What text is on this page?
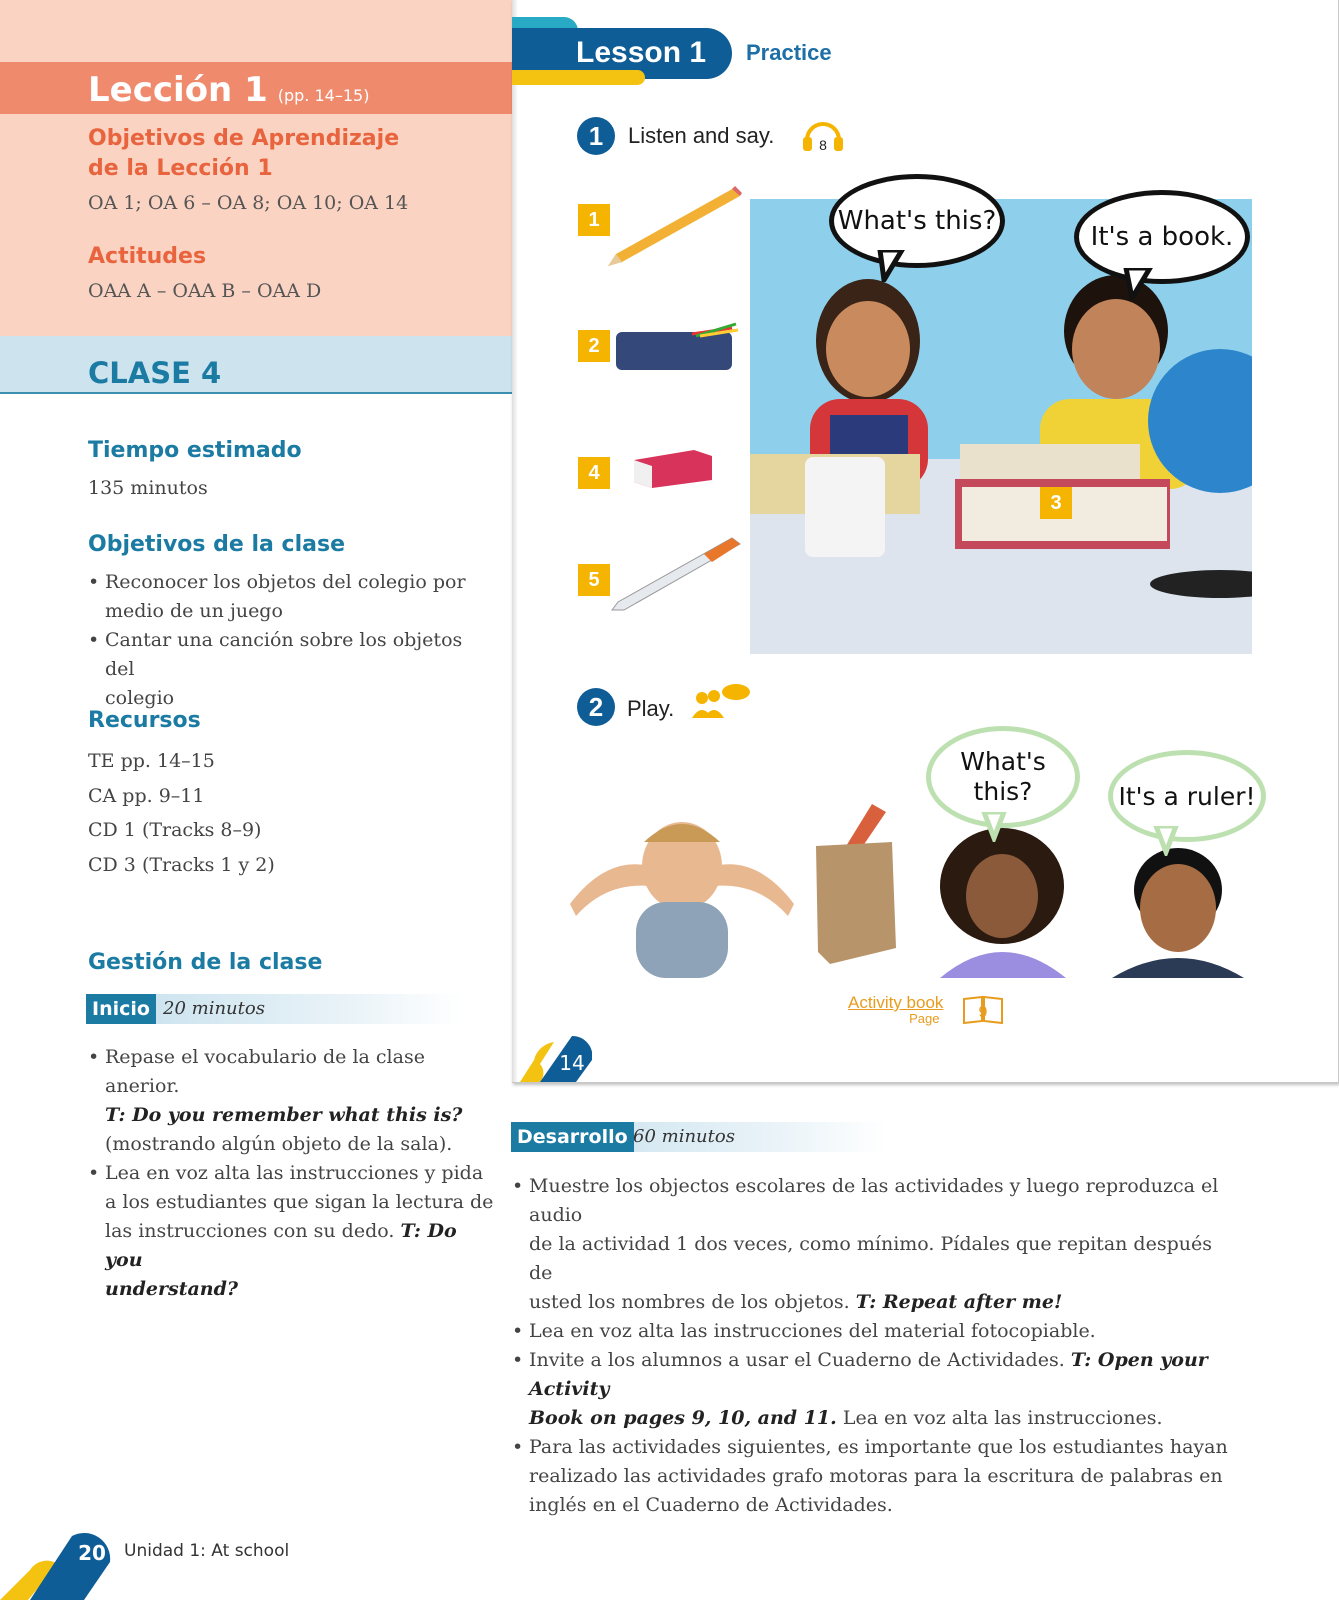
Lección 1 (pp. 14–15)
Objetivos de Aprendizaje
de la Lección 1
OA 1; OA 6 – OA 8; OA 10; OA 14
Actitudes
OAA A – OAA B – OAA D
CLASE 4
Tiempo estimado
135 minutos
Objetivos de la clase
• Reconocer los objetos del colegio por
medio de un juego
• Cantar una canción sobre los objetos del
colegio
Recursos
TE pp. 14–15
CA pp. 9–11
CD 1 (Tracks 8–9)
CD 3 (Tracks 1 y 2)
Gestión de la clase
Inicio 20 minutos
• Repase el vocabulario de la clase anerior.
T: Do you remember what this is?
(mostrando algún objeto de la sala).
• Lea en voz alta las instrucciones y pida
a los estudiantes que sigan la lectura de
las instrucciones con su dedo. T: Do you
understand?
Lesson 1 Practice
1	Listen and say.	8
1
2
4
5
3
What's this?
It's a book.
2	Play.
What's
this?	It's a ruler!
Activity book
Page 9
14
Desarrollo 60 minutos
• Muestre los objectos escolares de las actividades y luego reproduzca el audio
de la actividad 1 dos veces, como mínimo. Pídales que repitan después de
usted los nombres de los objetos. T: Repeat after me!
• Lea en voz alta las instrucciones del material fotocopiable.
• Invite a los alumnos a usar el Cuaderno de Actividades. T: Open your Activity
Book on pages 9, 10, and 11. Lea en voz alta las instrucciones.
• Para las actividades siguientes, es importante que los estudiantes hayan
realizado las actividades grafo motoras para la escritura de palabras en
inglés en el Cuaderno de Actividades.
20 Unidad 1: At school
